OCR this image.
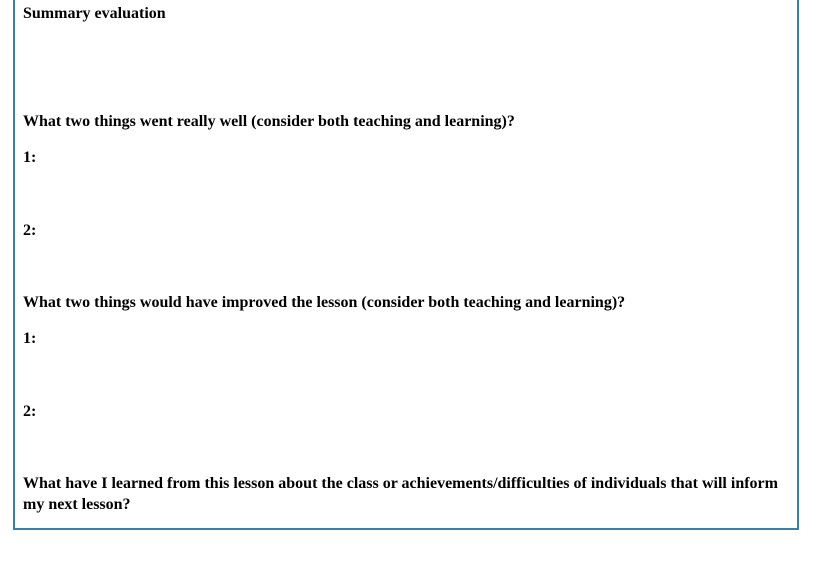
Summary evaluation

What two things went really well (consider both teaching and learning)?

1:

2:

What two things would have improved the lesson (consider both teaching and learning)?

1:

2:

What have I learned from this lesson about the class or achievements/difficulties of individuals that will inform my next lesson?
